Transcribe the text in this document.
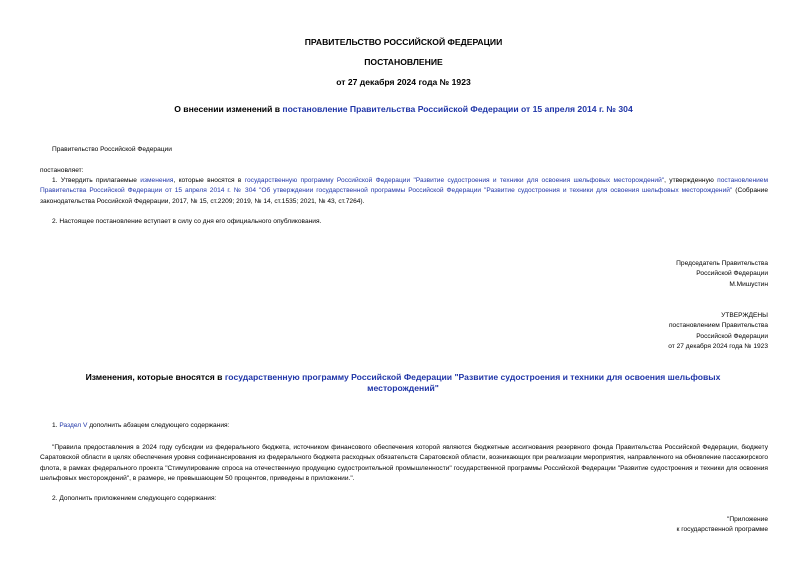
ПРАВИТЕЛЬСТВО РОССИЙСКОЙ ФЕДЕРАЦИИ
ПОСТАНОВЛЕНИЕ
от 27 декабря 2024 года № 1923
О внесении изменений в постановление Правительства Российской Федерации от 15 апреля 2014 г. № 304
Правительство Российской Федерации
постановляет:
1. Утвердить прилагаемые изменения, которые вносятся в государственную программу Российской Федерации "Развитие судостроения и техники для освоения шельфовых месторождений", утвержденную постановлением Правительства Российской Федерации от 15 апреля 2014 г. № 304 "Об утверждении государственной программы Российской Федерации "Развитие судостроения и техники для освоения шельфовых месторождений" (Собрание законодательства Российской Федерации, 2017, № 15, ст.2209; 2019, № 14, ст.1535; 2021, № 43, ст.7264).
2. Настоящее постановление вступает в силу со дня его официального опубликования.
Председатель Правительства
Российской Федерации
М.Мишустин
УТВЕРЖДЕНЫ
постановлением Правительства
Российской Федерации
от 27 декабря 2024 года № 1923
Изменения, которые вносятся в государственную программу Российской Федерации "Развитие судостроения и техники для освоения шельфовых месторождений"
1. Раздел V дополнить абзацем следующего содержания:
"Правила предоставления в 2024 году субсидии из федерального бюджета, источником финансового обеспечения которой являются бюджетные ассигнования резервного фонда Правительства Российской Федерации, бюджету Саратовской области в целях обеспечения уровня софинансирования из федерального бюджета расходных обязательств Саратовской области, возникающих при реализации мероприятия, направленного на обновление пассажирского флота, в рамках федерального проекта "Стимулирование спроса на отечественную продукцию судостроительной промышленности" государственной программы Российской Федерации "Развитие судостроения и техники для освоения шельфовых месторождений", в размере, не превышающем 50 процентов, приведены в приложении.".
2. Дополнить приложением следующего содержания:
"Приложение
к государственной программе
